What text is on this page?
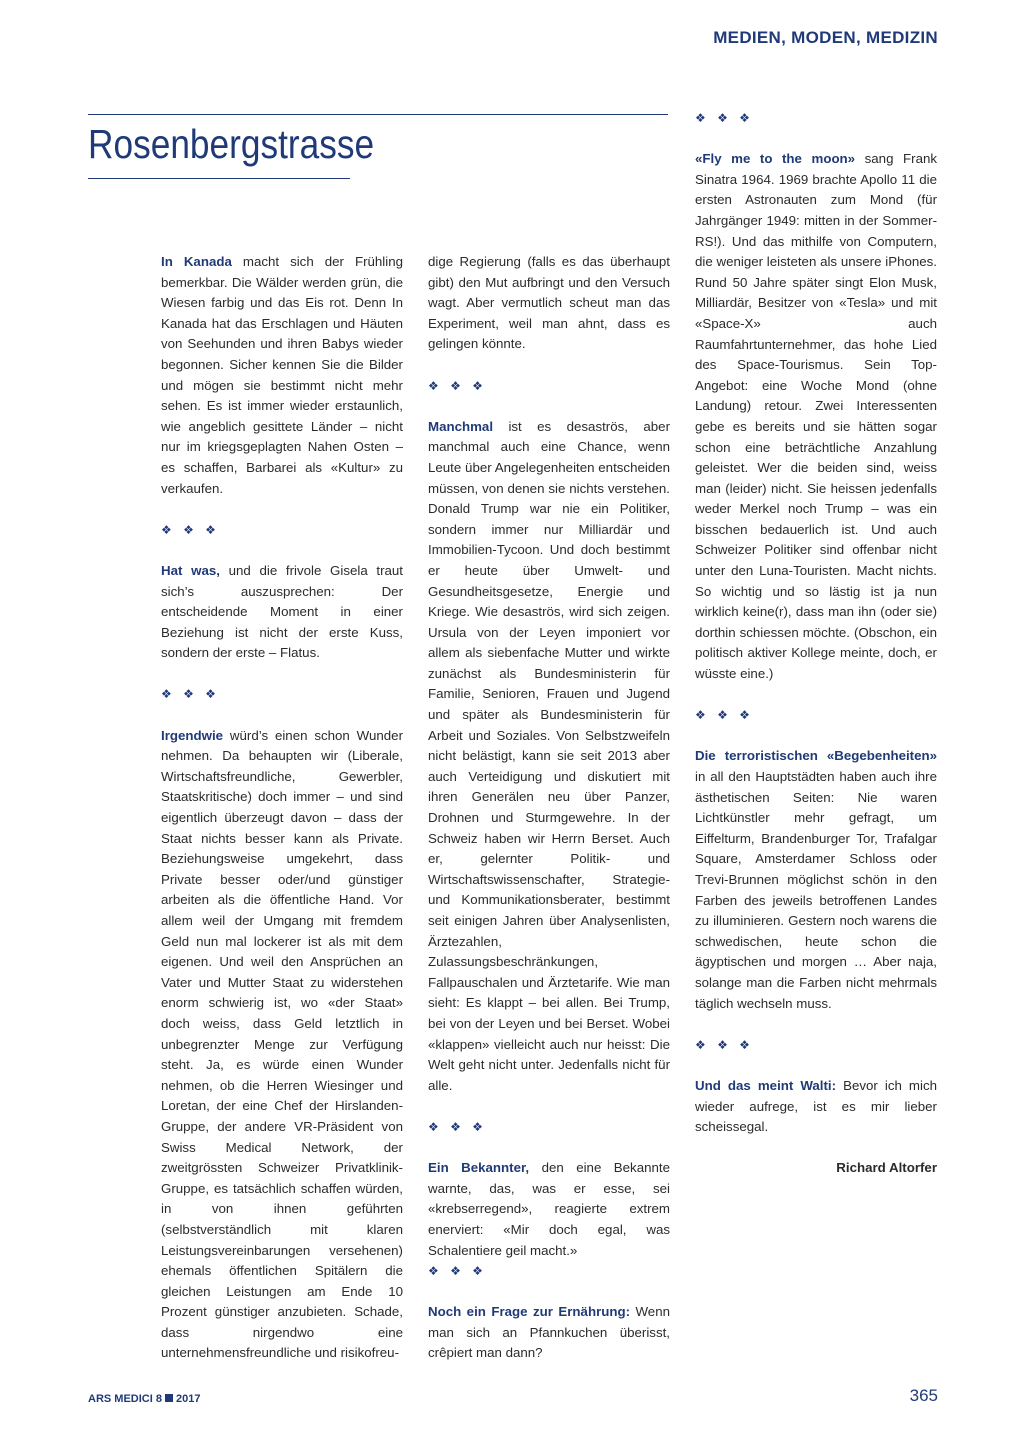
MEDIEN, MODEN, MEDIZIN
Rosenbergstrasse

In Kanada macht sich der Frühling bemerkbar. Die Wälder werden grün, die Wiesen farbig und das Eis rot. Denn In Kanada hat das Erschlagen und Häuten von Seehunden und ihren Babys wieder begonnen. Sicher kennen Sie die Bilder und mögen sie bestimmt nicht mehr sehen. Es ist immer wieder erstaunlich, wie angeblich gesittete Länder – nicht nur im kriegsgeplagten Nahen Osten – es schaffen, Barbarei als «Kultur» zu verkaufen.

❖ ❖ ❖

Hat was, und die frivole Gisela traut sich’s auszusprechen: Der entscheidende Moment in einer Beziehung ist nicht der erste Kuss, sondern der erste – Flatus.

❖ ❖ ❖

Irgendwie würd’s einen schon Wunder nehmen. Da behaupten wir (Liberale, Wirtschaftsfreundliche, Gewerbler, Staatskritische) doch immer – und sind eigentlich überzeugt davon – dass der Staat nichts besser kann als Private. Beziehungsweise umgekehrt, dass Private besser oder/und günstiger arbeiten als die öffentliche Hand. Vor allem weil der Umgang mit fremdem Geld nun mal lockerer ist als mit dem eigenen. Und weil den Ansprüchen an Vater und Mutter Staat zu widerstehen enorm schwierig ist, wo «der Staat» doch weiss, dass Geld letztlich in unbegrenzter Menge zur Verfügung steht. Ja, es würde einen Wunder nehmen, ob die Herren Wiesinger und Loretan, der eine Chef der Hirslanden-Gruppe, der andere VR-Präsident von Swiss Medical Network, der zweitgrössten Schweizer Privatklinik-Gruppe, es tatsächlich schaffen würden, in von ihnen geführten (selbstverständlich mit klaren Leistungsvereinbarungen versehenen) ehemals öffentlichen Spitälern die gleichen Leistungen am Ende 10 Prozent günstiger anzubieten. Schade, dass nirgendwo eine unternehmensfreundliche und risikofreu-

dige Regierung (falls es das überhaupt gibt) den Mut aufbringt und den Versuch wagt. Aber vermutlich scheut man das Experiment, weil man ahnt, dass es gelingen könnte.

❖ ❖ ❖

Manchmal ist es desaströs, aber manchmal auch eine Chance, wenn Leute über Angelegenheiten entscheiden müssen, von denen sie nichts verstehen. Donald Trump war nie ein Politiker, sondern immer nur Milliardär und Immobilien-Tycoon. Und doch bestimmt er heute über Umwelt- und Gesundheitsgesetze, Energie und Kriege. Wie desaströs, wird sich zeigen. Ursula von der Leyen imponiert vor allem als siebenfache Mutter und wirkte zunächst als Bundesministerin für Familie, Senioren, Frauen und Jugend und später als Bundesministerin für Arbeit und Soziales. Von Selbstzweifeln nicht belästigt, kann sie seit 2013 aber auch Verteidigung und diskutiert mit ihren Generälen neu über Panzer, Drohnen und Sturmgewehre. In der Schweiz haben wir Herrn Berset. Auch er, gelernter Politik- und Wirtschaftswissenschafter, Strategie- und Kommunikationsberater, bestimmt seit einigen Jahren über Analysenlisten, Ärztezahlen, Zulassungsbeschränkungen, Fallpauschalen und Ärztetarife. Wie man sieht: Es klappt – bei allen. Bei Trump, bei von der Leyen und bei Berset. Wobei «klappen» vielleicht auch nur heisst: Die Welt geht nicht unter. Jedenfalls nicht für alle.

❖ ❖ ❖

Ein Bekannter, den eine Bekannte warnte, das, was er esse, sei «krebserregend», reagierte extrem enerviert: «Mir doch egal, was Schalentiere geil macht.»

❖ ❖ ❖

Noch ein Frage zur Ernährung: Wenn man sich an Pfannkuchen überisst, crêpiert man dann?

❖ ❖ ❖

«Fly me to the moon» sang Frank Sinatra 1964. 1969 brachte Apollo 11 die ersten Astronauten zum Mond (für Jahrgänger 1949: mitten in der Sommer-RS!). Und das mithilfe von Computern, die weniger leisteten als unsere iPhones. Rund 50 Jahre später singt Elon Musk, Milliardär, Besitzer von «Tesla» und mit «Space-X» auch Raumfahrtunternehmer, das hohe Lied des Space-Tourismus. Sein Top-Angebot: eine Woche Mond (ohne Landung) retour. Zwei Interessenten gebe es bereits und sie hätten sogar schon eine beträchtliche Anzahlung geleistet. Wer die beiden sind, weiss man (leider) nicht. Sie heissen jedenfalls weder Merkel noch Trump – was ein bisschen bedauerlich ist. Und auch Schweizer Politiker sind offenbar nicht unter den Luna-Touristen. Macht nichts. So wichtig und so lästig ist ja nun wirklich keine(r), dass man ihn (oder sie) dorthin schiessen möchte. (Obschon, ein politisch aktiver Kollege meinte, doch, er wüsste eine.)

❖ ❖ ❖

Die terroristischen «Begebenheiten» in all den Hauptstädten haben auch ihre ästhetischen Seiten: Nie waren Lichtkünstler mehr gefragt, um Eiffelturm, Brandenburger Tor, Trafalgar Square, Amsterdamer Schloss oder Trevi-Brunnen möglichst schön in den Farben des jeweils betroffenen Landes zu illuminieren. Gestern noch warens die schwedischen, heute schon die ägyptischen und morgen … Aber naja, solange man die Farben nicht mehrmals täglich wechseln muss.

❖ ❖ ❖

Und das meint Walti: Bevor ich mich wieder aufrege, ist es mir lieber scheissegal.

Richard Altorfer
ARS MEDICI 8 2017	365
